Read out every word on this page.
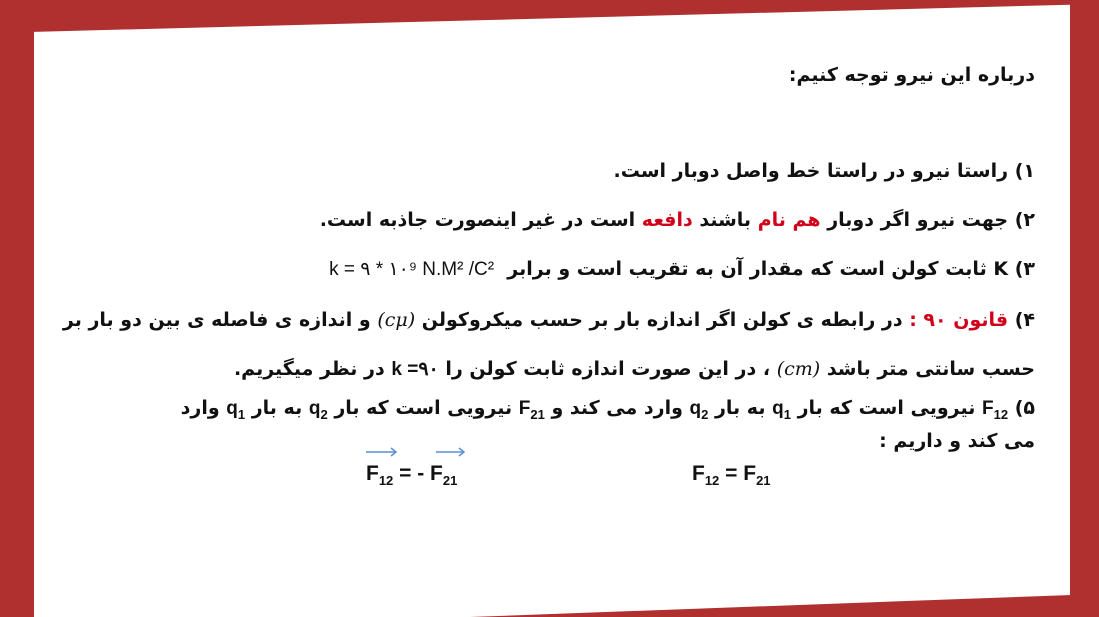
درباره این نیرو توجه کنیم:
۱) راستا نیرو در راستا خط واصل دوبار است.
۲) جهت نیرو اگر دوبار هم نام باشند دافعه است در غیر اینصورت جاذبه است.
۳) K ثابت کولن است که مقدار آن به تقریب است و برابر  k = ۹ * ۱۰⁹ N.M² /C²
۴) قانون ۹۰ : در رابطه ی کولن اگر اندازه بار بر حسب میکروکولن (cμ) و اندازه ی فاصله ی بین دو بار بر
حسب سانتی متر باشد (cm) ، در این صورت اندازه ثابت کولن را k =۹۰ در نظر میگیریم.
۵) $F_{12}$ نیرویی است که بار $q_1$ به بار $q_2$ وارد می کند و $F_{21}$ نیرویی است که بار $q_2$ به بار $q_1$ وارد
می کند و داریم :
$F_{12}$ = - $F_{21}$	$F_{12} = F_{21}$
